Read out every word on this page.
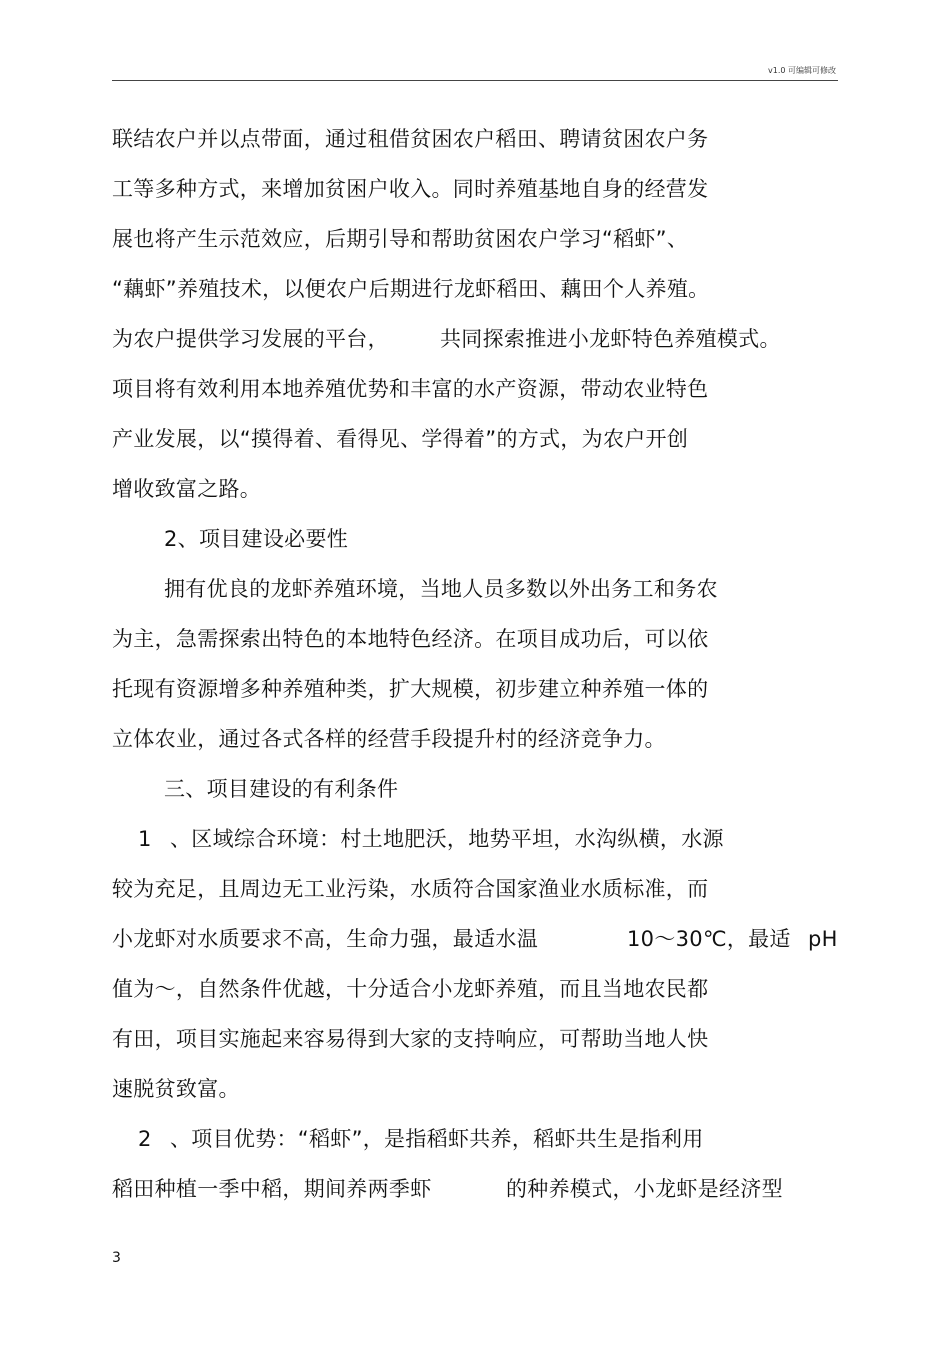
v1.0 可编辑可修改
联结农户并以点带面，通过租借贫困农户稻田、聘请贫困农户务
工等多种方式，来增加贫困户收入。同时养殖基地自身的经营发
展也将产生示范效应，后期引导和帮助贫困农户学习“稻虾”、
“藕虾”养殖技术，以便农户后期进行龙虾稻田、藕田个人养殖。
为农户提供学习发展的平台， 共同探索推进小龙虾特色养殖模式。
项目将有效利用本地养殖优势和丰富的水产资源，带动农业特色
产业发展，以“摸得着、看得见、学得着”的方式，为农户开创
增收致富之路。
2、项目建设必要性
拥有优良的龙虾养殖环境，当地人员多数以外出务工和务农
为主，急需探索出特色的本地特色经济。在项目成功后，可以依
托现有资源增多种养殖种类，扩大规模，初步建立种养殖一体的
立体农业，通过各式各样的经营手段提升村的经济竞争力。
三、项目建设的有利条件
1 、区域综合环境：村土地肥沃，地势平坦，水沟纵横，水源
较为充足，且周边无工业污染，水质符合国家渔业水质标准，而
小龙虾对水质要求不高，生命力强，最适水温	10～30℃，最适 pH
值为～，自然条件优越，十分适合小龙虾养殖，而且当地农民都
有田，项目实施起来容易得到大家的支持响应，可帮助当地人快
速脱贫致富。
2 、项目优势：“稻虾”，是指稻虾共养，稻虾共生是指利用
稻田种植一季中稻，期间养两季虾	的种养模式，小龙虾是经济型
3
